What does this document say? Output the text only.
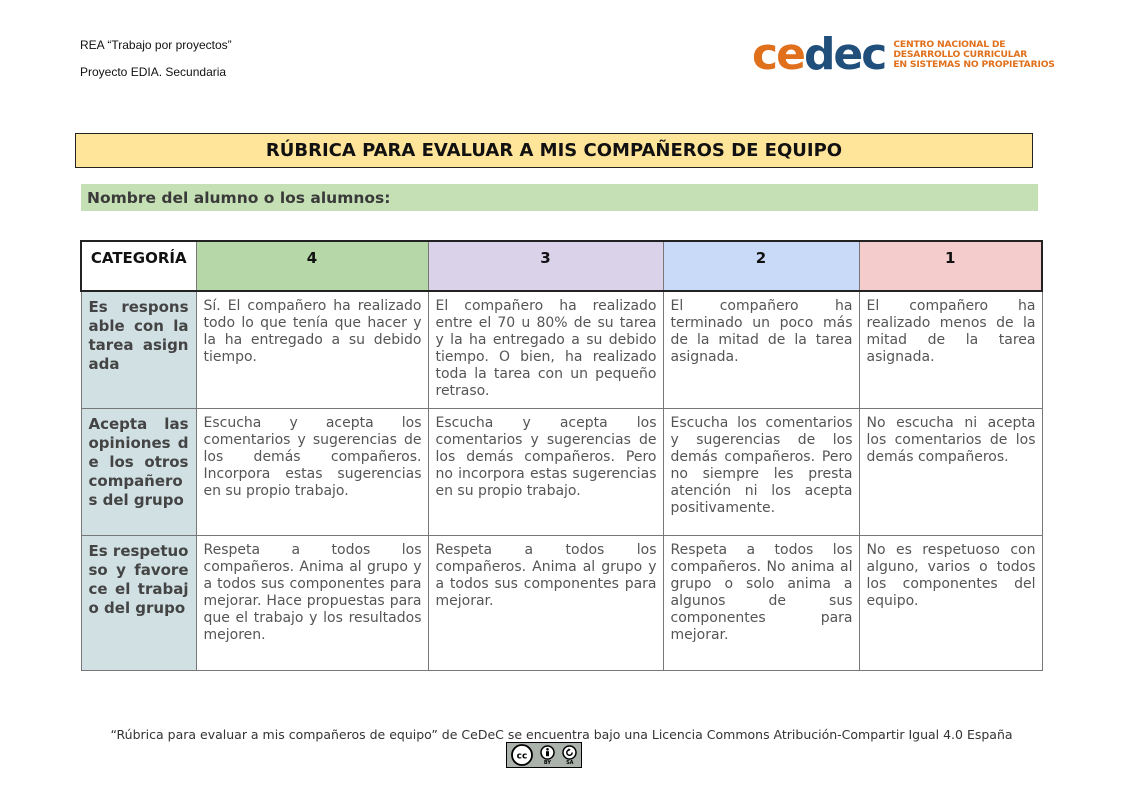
REA “Trabajo por proyectos”
Proyecto EDIA. Secundaria	cedec CENTRO NACIONAL DE
DESARROLLO CURRICULAR
EN SISTEMAS NO PROPIETARIOS
RÚBRICA PARA EVALUAR A MIS COMPAÑEROS DE EQUIPO
Nombre del alumno o los alumnos:
CATEGORÍA	4	3	2	1
Es responsable con la tarea asignada	Sí. El compañero ha realizado todo lo que tenía que hacer y la ha entregado a su debido tiempo.	El compañero ha realizado entre el 70 u 80% de su tarea y la ha entregado a su debido tiempo. O bien, ha realizado toda la tarea con un pequeño retraso.	El compañero ha terminado un poco más de la mitad de la tarea asignada.	El compañero ha realizado menos de la mitad de la tarea asignada.
Acepta las opiniones de los otros compañeros del grupo	Escucha y acepta los comentarios y sugerencias de los demás compañeros. Incorpora estas sugerencias en su propio trabajo.	Escucha y acepta los comentarios y sugerencias de los demás compañeros. Pero no incorpora estas sugerencias en su propio trabajo.	Escucha los comentarios y sugerencias de los demás compañeros. Pero no siempre les presta atención ni los acepta positivamente.	No escucha ni acepta los comentarios de los demás compañeros.
Es respetuoso y favorece el trabajo del grupo	Respeta a todos los compañeros. Anima al grupo y a todos sus componentes para mejorar. Hace propuestas para que el trabajo y los resultados mejoren.	Respeta a todos los compañeros. Anima al grupo y a todos sus componentes para mejorar.	Respeta a todos los compañeros. No anima al grupo o solo anima a algunos de sus componentes para mejorar.	No es respetuoso con alguno, varios o todos los componentes del equipo.
“Rúbrica para evaluar a mis compañeros de equipo” de CeDeC se encuentra bajo una Licencia Commons Atribución-Compartir Igual 4.0 España
cc
BY	SA
